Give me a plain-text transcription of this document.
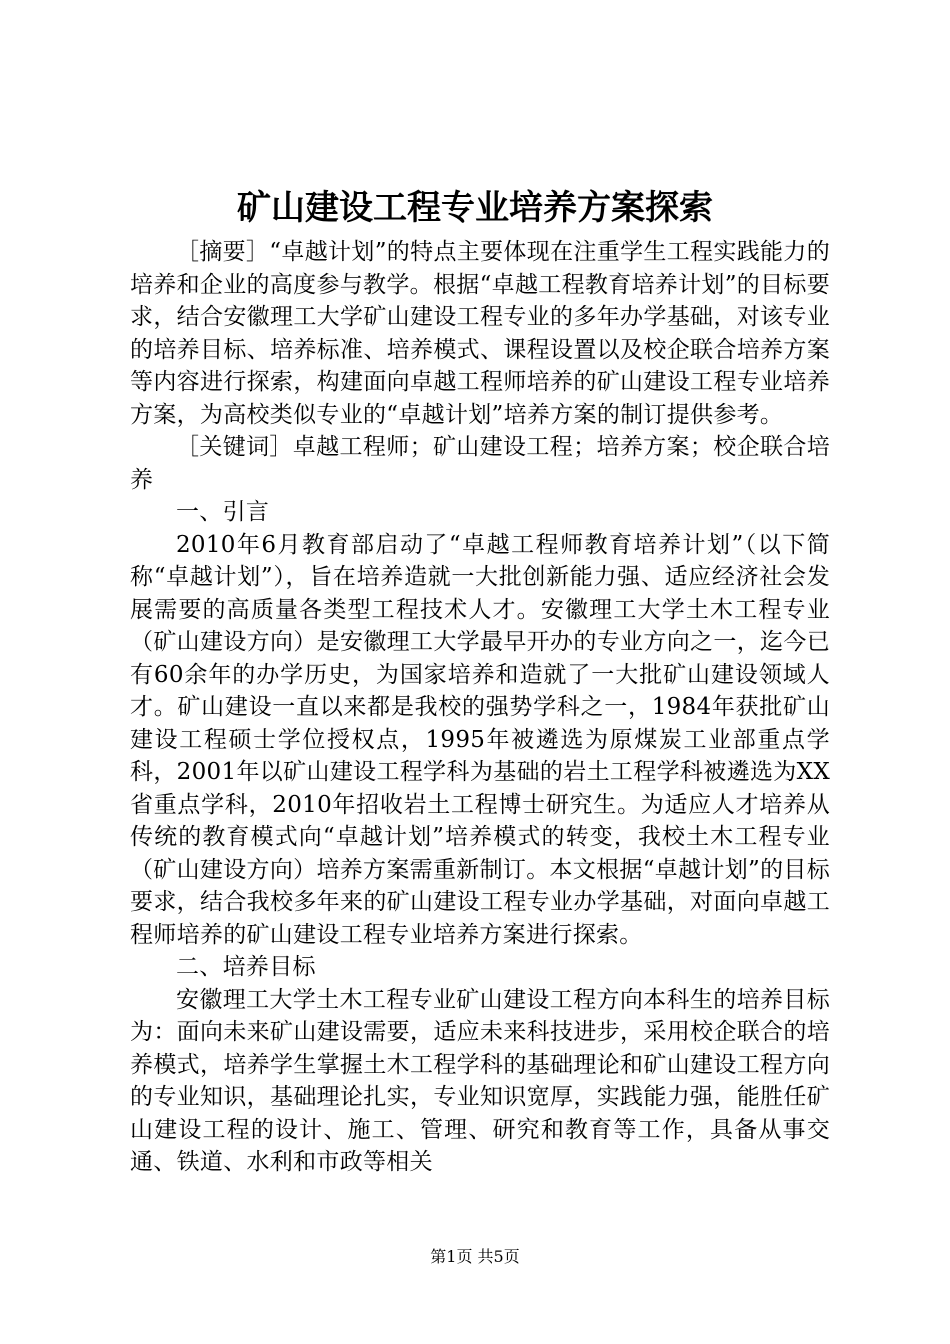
矿山建设工程专业培养方案探索

［摘要］“卓越计划”的特点主要体现在注重学生工程实践能力的培养和企业的高度参与教学。根据“卓越工程教育培养计划”的目标要求，结合安徽理工大学矿山建设工程专业的多年办学基础，对该专业的培养目标、培养标准、培养模式、课程设置以及校企联合培养方案等内容进行探索，构建面向卓越工程师培养的矿山建设工程专业培养方案，为高校类似专业的“卓越计划”培养方案的制订提供参考。

［关键词］卓越工程师；矿山建设工程；培养方案；校企联合培养

一、引言

2010年6月教育部启动了“卓越工程师教育培养计划”（以下简称“卓越计划”），旨在培养造就一大批创新能力强、适应经济社会发展需要的高质量各类型工程技术人才。安徽理工大学土木工程专业（矿山建设方向）是安徽理工大学最早开办的专业方向之一，迄今已有60余年的办学历史，为国家培养和造就了一大批矿山建设领域人才。矿山建设一直以来都是我校的强势学科之一，1984年获批矿山建设工程硕士学位授权点，1995年被遴选为原煤炭工业部重点学科，2001年以矿山建设工程学科为基础的岩土工程学科被遴选为XX省重点学科，2010年招收岩土工程博士研究生。为适应人才培养从传统的教育模式向“卓越计划”培养模式的转变，我校土木工程专业（矿山建设方向）培养方案需重新制订。本文根据“卓越计划”的目标要求，结合我校多年来的矿山建设工程专业办学基础，对面向卓越工程师培养的矿山建设工程专业培养方案进行探索。

二、培养目标

安徽理工大学土木工程专业矿山建设工程方向本科生的培养目标为：面向未来矿山建设需要，适应未来科技进步，采用校企联合的培养模式，培养学生掌握土木工程学科的基础理论和矿山建设工程方向的专业知识，基础理论扎实，专业知识宽厚，实践能力强，能胜任矿山建设工程的设计、施工、管理、研究和教育等工作，具备从事交通、铁道、水利和市政等相关

第1页 共5页
